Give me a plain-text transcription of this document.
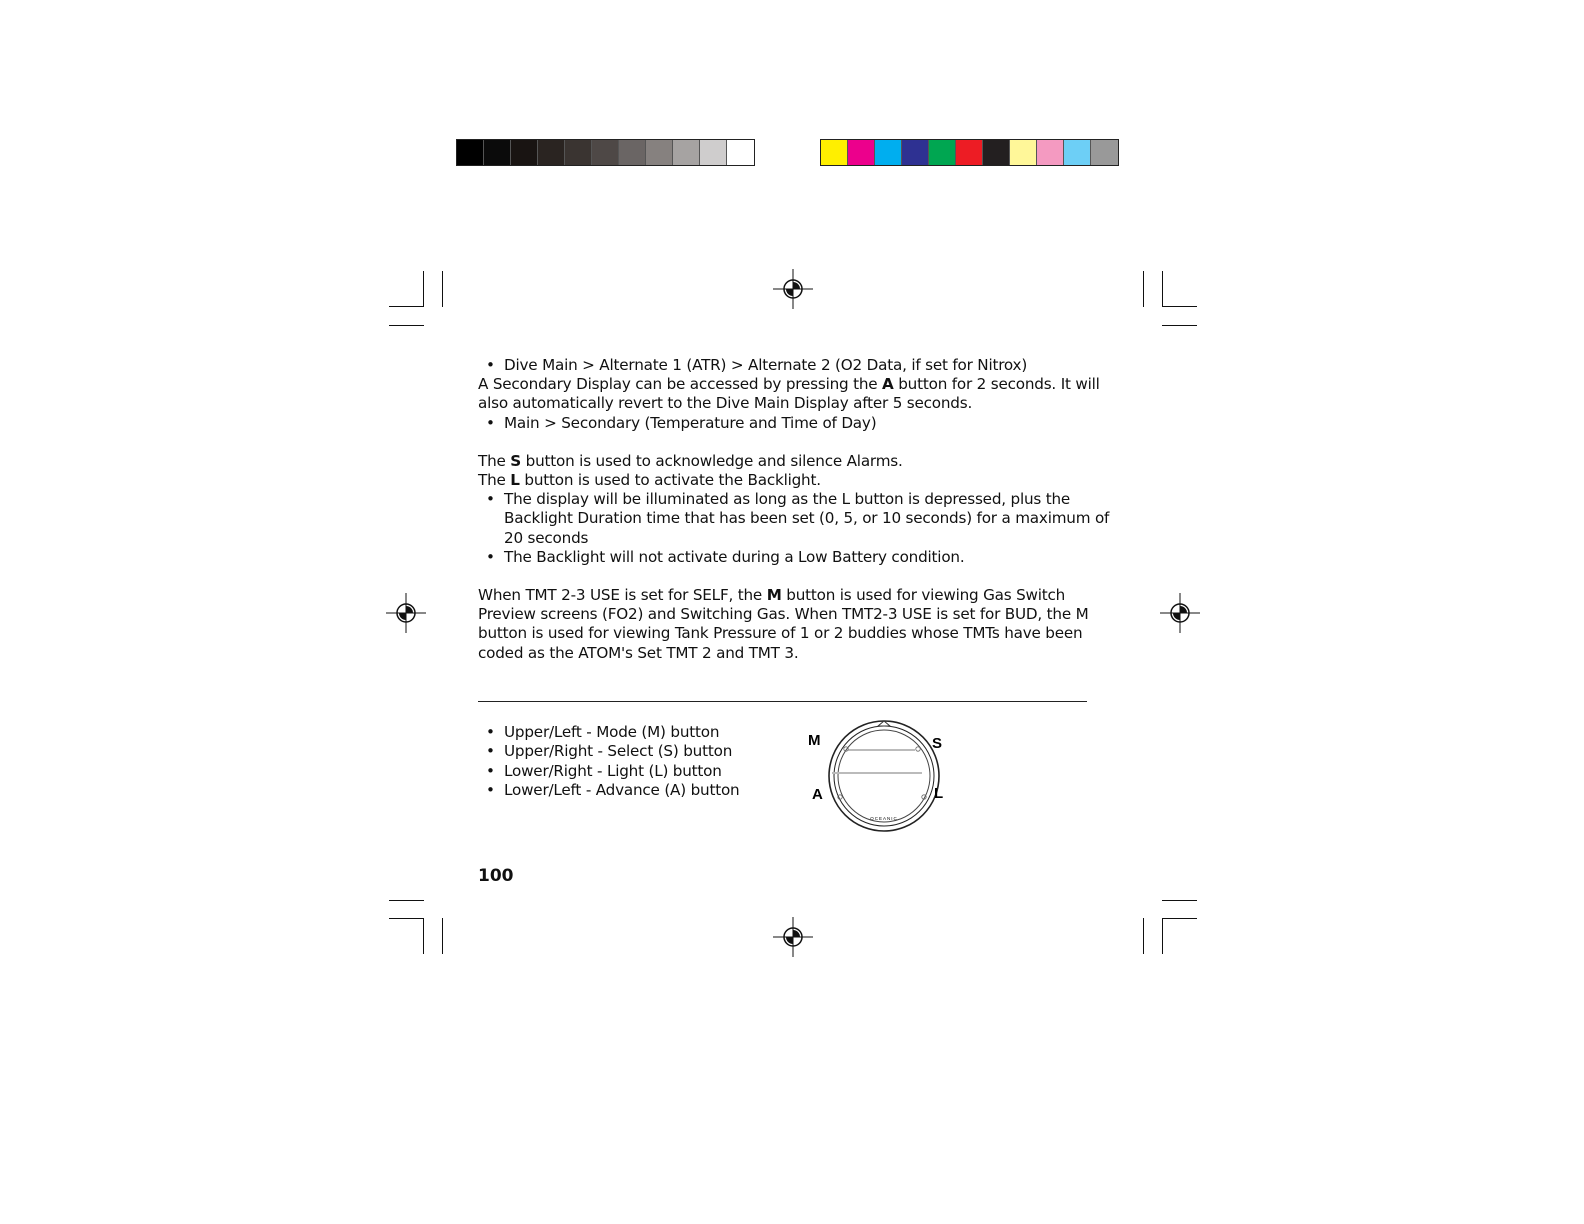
• Dive Main > Alternate 1 (ATR) > Alternate 2 (O2 Data, if set for Nitrox)

A Secondary Display can be accessed by pressing the A button for 2 seconds. It will also automatically revert to the Dive Main Display after 5 seconds.

• Main > Secondary (Temperature and Time of Day)

The S button is used to acknowledge and silence Alarms.

The L button is used to activate the Backlight.

• The display will be illuminated as long as the L button is depressed, plus the Backlight Duration time that has been set (0, 5, or 10 seconds) for a maximum of 20 seconds
• The Backlight will not activate during a Low Battery condition.

When TMT 2-3 USE is set for SELF, the M button is used for viewing Gas Switch Preview screens (FO2) and Switching Gas. When TMT2-3 USE is set for BUD, the M button is used for viewing Tank Pressure of 1 or 2 buddies whose TMTs have been coded as the ATOM's Set TMT 2 and TMT 3.

• Upper/Left - Mode (M) button
• Upper/Right - Select (S) button
• Lower/Right - Light (L) button
• Lower/Left - Advance (A) button
M	S
A	L
OCEANIC
100
